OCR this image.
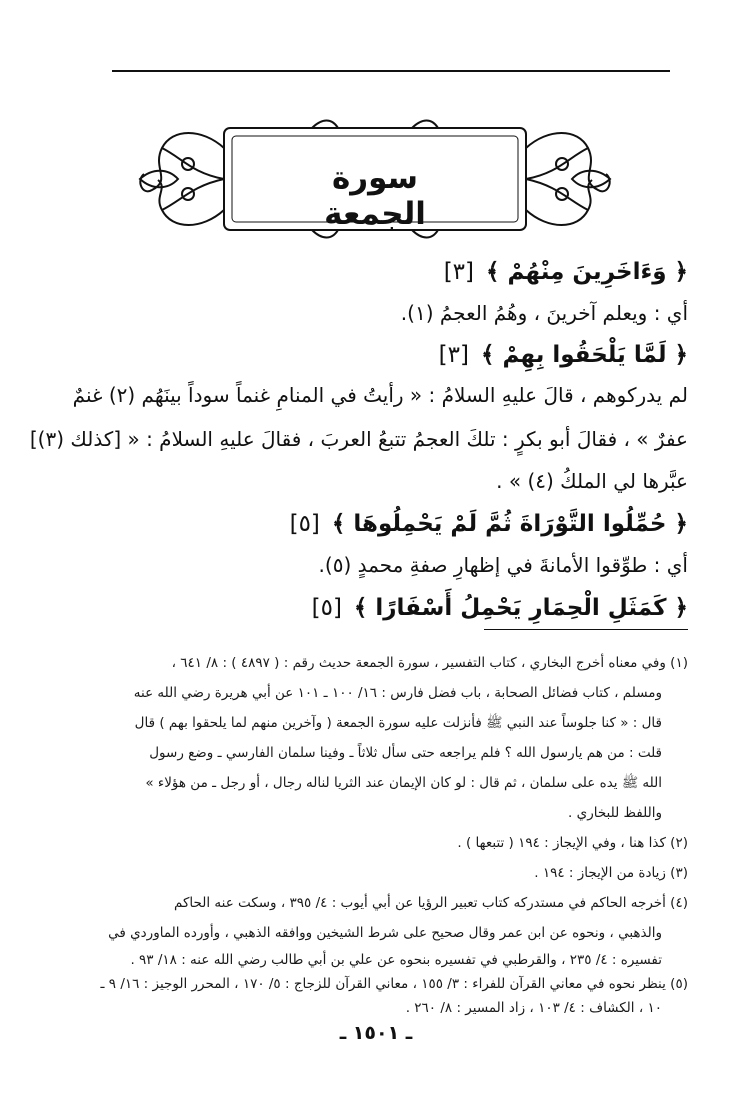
سورة الجمعة
﴿ وَءَاخَرِينَ مِنْهُمْ ﴾[٣]
أي : ويعلم آخرينَ ، وهُمُ العجمُ (١).
﴿ لَمَّا يَلْحَقُوا بِهِمْ ﴾[٣]
لم يدركوهم ، قالَ عليهِ السلامُ : « رأيتُ في المنامِ غنماً سوداً بينَهُم (٢) غنمٌ
عفرٌ » ، فقالَ أبو بكرٍ : تلكَ العجمُ تتبعُ العربَ ، فقالَ عليهِ السلامُ : « [كذلك (٣)]
عبَّرها لي الملكُ (٤) » .
﴿ حُمِّلُوا التَّوْرَاةَ ثُمَّ لَمْ يَحْمِلُوهَا ﴾[٥]
أي : طوِّقوا الأمانةَ في إظهارِ صفةِ محمدٍ (٥).
﴿ كَمَثَلِ الْحِمَارِ يَحْمِلُ أَسْفَارًا ﴾[٥]
(١) وفي معناه أخرج البخاري ، كتاب التفسير ، سورة الجمعة حديث رقم : ( ٤٨٩٧ ) : ٨/ ٦٤١ ،
ومسلم ، كتاب فضائل الصحابة ، باب فضل فارس : ١٦/ ١٠٠ ـ ١٠١ عن أبي هريرة رضي الله عنه
قال : « كنا جلوساً عند النبي ﷺ فأنزلت عليه سورة الجمعة ( وآخرين منهم لما يلحقوا بهم ) قال
قلت : من هم يارسول الله ؟ فلم يراجعه حتى سأل ثلاثاً ـ وفينا سلمان الفارسي ـ وضع رسول
الله ﷺ يده على سلمان ، ثم قال : لو كان الإيمان عند الثريا لناله رجال ، أو رجل ـ من هؤلاء »
واللفظ للبخاري .
(٢) كذا هنا ، وفي الإيجاز : ١٩٤ ( تتبعها ) .
(٣) زيادة من الإيجاز : ١٩٤ .
(٤) أخرجه الحاكم في مستدركه كتاب تعبير الرؤيا عن أبي أيوب : ٤/ ٣٩٥ ، وسكت عنه الحاكم
والذهبي ، ونحوه عن ابن عمر وقال صحيح على شرط الشيخين ووافقه الذهبي ، وأورده الماوردي في
تفسيره : ٤/ ٢٣٥ ، والقرطبي في تفسيره بنحوه عن علي بن أبي طالب رضي الله عنه : ١٨/ ٩٣ .
(٥) ينظر نحوه في معاني القرآن للفراء : ٣/ ١٥٥ ، معاني القرآن للزجاج : ٥/ ١٧٠ ، المحرر الوجيز : ١٦/ ٩ ـ
١٠ ، الكشاف : ٤/ ١٠٣ ، زاد المسير : ٨/ ٢٦٠ .
ـ ١٥٠١ ـ
